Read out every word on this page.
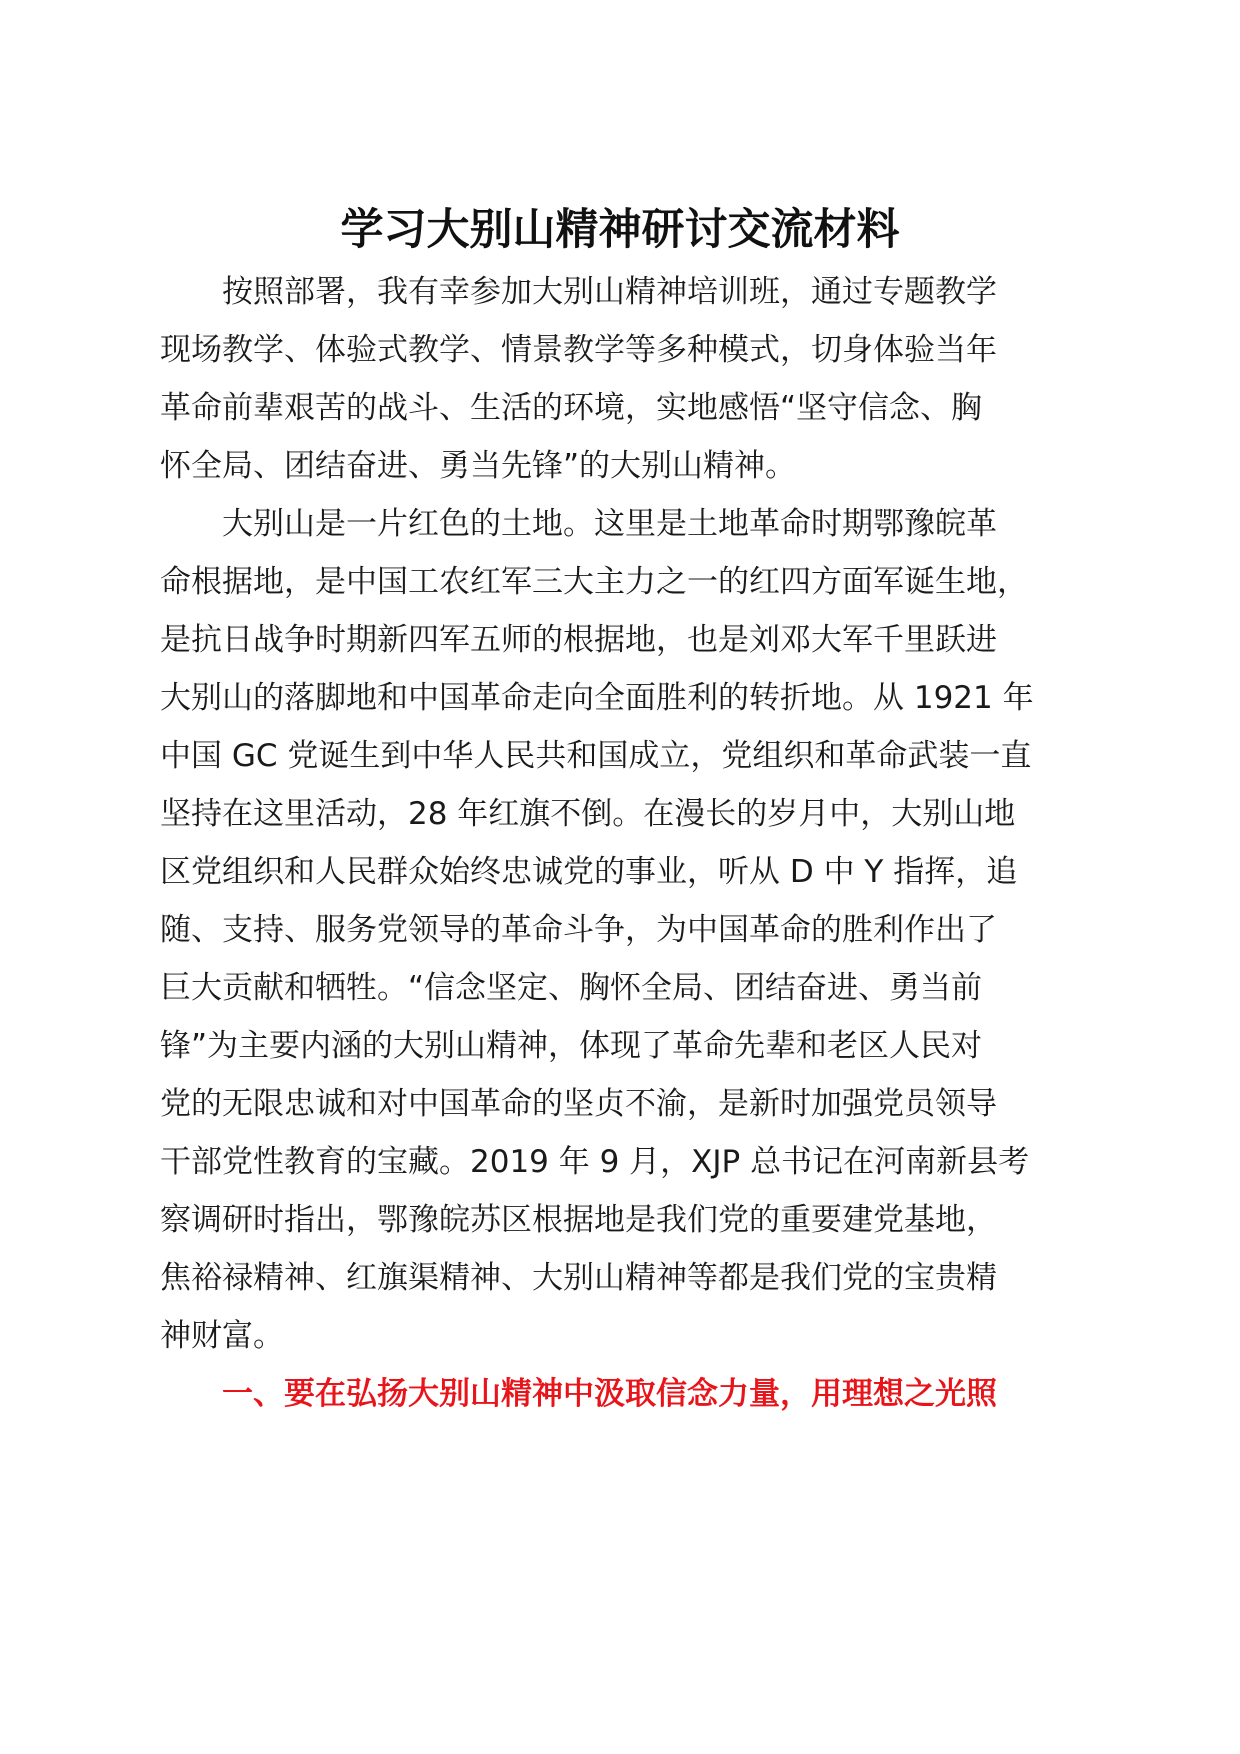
学习大别山精神研讨交流材料

按照部署，我有幸参加大别山精神培训班，通过专题教学

现场教学、体验式教学、情景教学等多种模式，切身体验当年

革命前辈艰苦的战斗、生活的环境，实地感悟“坚守信念、胸

怀全局、团结奋进、勇当先锋”的大别山精神。

大别山是一片红色的土地。这里是土地革命时期鄂豫皖革

命根据地，是中国工农红军三大主力之一的红四方面军诞生地，

是抗日战争时期新四军五师的根据地，也是刘邓大军千里跃进

大别山的落脚地和中国革命走向全面胜利的转折地。从 1921 年

中国 GC 党诞生到中华人民共和国成立，党组织和革命武装一直

坚持在这里活动，28 年红旗不倒。在漫长的岁月中，大别山地

区党组织和人民群众始终忠诚党的事业，听从 D 中 Y 指挥，追

随、支持、服务党领导的革命斗争，为中国革命的胜利作出了

巨大贡献和牺牲。“信念坚定、胸怀全局、团结奋进、勇当前

锋”为主要内涵的大别山精神，体现了革命先辈和老区人民对

党的无限忠诚和对中国革命的坚贞不渝，是新时加强党员领导

干部党性教育的宝藏。2019 年 9 月，XJP 总书记在河南新县考

察调研时指出，鄂豫皖苏区根据地是我们党的重要建党基地，

焦裕禄精神、红旗渠精神、大别山精神等都是我们党的宝贵精

神财富。

一、要在弘扬大别山精神中汲取信念力量，用理想之光照
